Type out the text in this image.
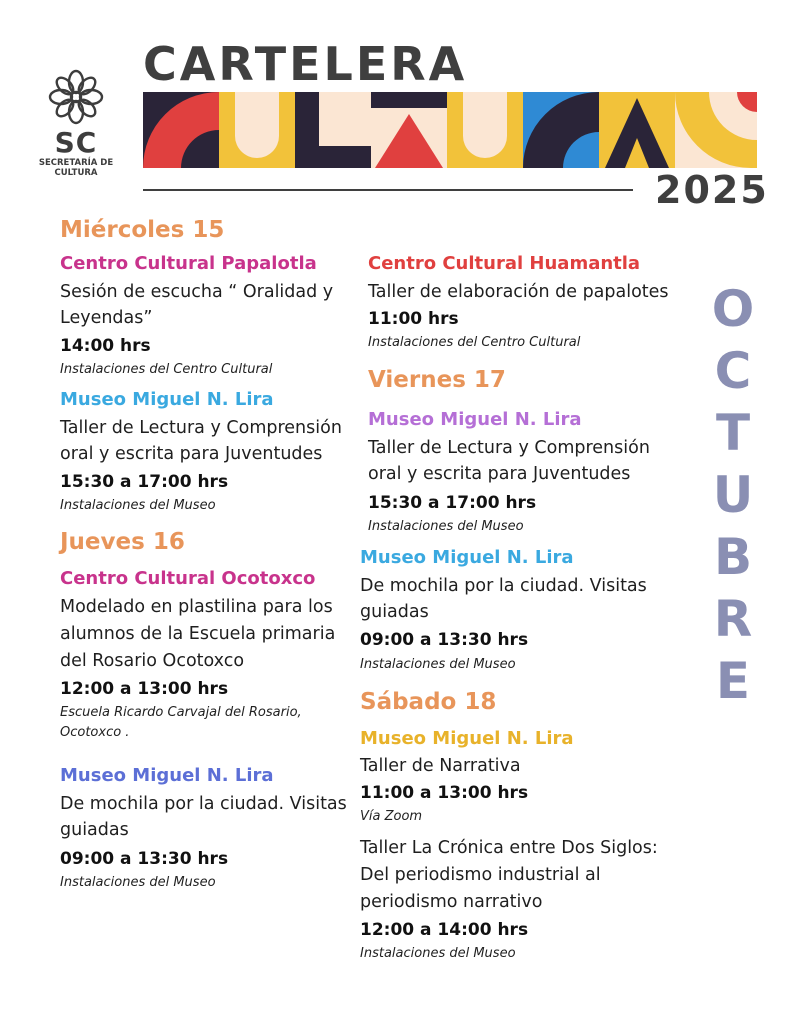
SC
SECRETARÍA DE
CULTURA
CARTELERA
2025
O
C
T
U
B
R
E
Miércoles 15
Centro Cultural Papalotla
Sesión de escucha “ Oralidad y
Leyendas”
14:00 hrs
Instalaciones del Centro Cultural
Museo Miguel N. Lira
Taller de Lectura y Comprensión
oral y escrita para Juventudes
15:30 a 17:00 hrs
Instalaciones del Museo
Jueves 16
Centro Cultural Ocotoxco
Modelado en plastilina para los
alumnos de la Escuela primaria
del Rosario Ocotoxco
12:00 a 13:00 hrs
Escuela Ricardo Carvajal del Rosario,
Ocotoxco .
Museo Miguel N. Lira
De mochila por la ciudad. Visitas
guiadas
09:00 a 13:30 hrs
Instalaciones del Museo
Centro Cultural Huamantla
Taller de elaboración de papalotes
11:00 hrs
Instalaciones del Centro Cultural
Viernes 17
Museo Miguel N. Lira
Taller de Lectura y Comprensión
oral y escrita para Juventudes
15:30 a 17:00 hrs
Instalaciones del Museo
Museo Miguel N. Lira
De mochila por la ciudad. Visitas
guiadas
09:00 a 13:30 hrs
Instalaciones del Museo
Sábado 18
Museo Miguel N. Lira
Taller de Narrativa
11:00 a 13:00 hrs
Vía Zoom
Taller La Crónica entre Dos Siglos:
Del periodismo industrial al
periodismo narrativo
12:00 a 14:00 hrs
Instalaciones del Museo
